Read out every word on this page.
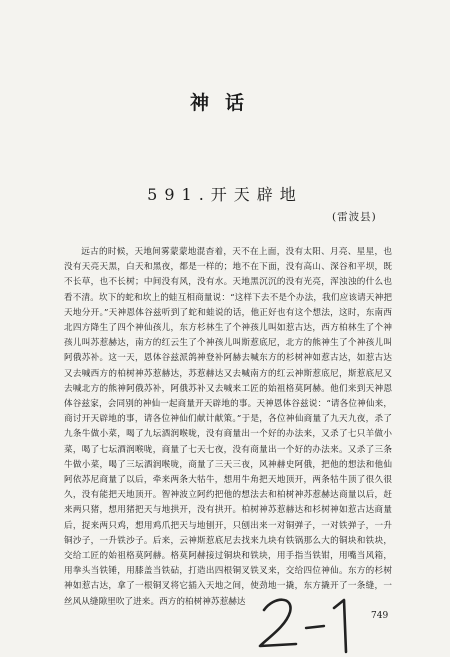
神话
591.开天辟地
(雷波县)

远古的时候，天地间雾蒙蒙地混杳着，天不在上面，没有太阳、月亮、星星，也没有天亮天黑，白天和黑夜，都是一样的；地不在下面，没有高山、深谷和平坝，既不长草，也不长树；中间没有风，没有水。天地黑沉沉的没有光亮，浑浊浊的什么也看不清。坎下的蛇和坎上的蛙互相商量说：“这样下去不是个办法，我们应该请天神把天地分开。”天神恩体谷兹听到了蛇和蛙说的话，他正好也有这个想法，这时，东南西北四方降生了四个神仙孩儿，东方杉林生了个神孩儿叫如惹古达，西方柏林生了个神孩儿叫苏惹赫达，南方的红云生了个神孩儿叫斯惹底尼，北方的熊神生了个神孩儿叫阿俄苏补。这一天，恩体谷兹派鸽神登补阿赫去喊东方的杉树神如惹古达，如惹古达又去喊西方的柏树神苏惹赫达，苏惹赫达又去喊南方的红云神斯惹底尼，斯惹底尼又去喊北方的熊神阿俄苏补，阿俄苏补又去喊来工匠的始祖格莫阿赫。他们来到天神恩体谷兹家，会同别的神仙一起商量开天辟地的事。天神恩体谷兹说：“请各位神仙来，商讨开天辟地的事，请各位神仙们献计献策。”于是，各位神仙商量了九天九夜，杀了九条牛做小菜，喝了九坛酒润喉咙，没有商量出一个好的办法来，又杀了七只羊做小菜，喝了七坛酒润喉咙，商量了七天七夜，没有商量出一个好的办法来。又杀了三条牛做小菜，喝了三坛酒润喉咙，商量了三天三夜，风神赫史阿俄，把他的想法和他仙阿依苏尼商量了以后，牵来两条大牯牛，想用牛角把天地顶开，两条牯牛顶了很久很久，没有能把天地顶开。智神波立阿约把他的想法去和柏树神苏惹赫达商量以后，赶来两只猪，想用猪把天与地拱开，没有拱开。柏树神苏惹赫达和杉树神如惹古达商量后，捉来两只鸡，想用鸡爪把天与地刨开，只刨出来一对铜弹子，一对铁弹子，一升铜沙子，一升铁沙子。后来，云神斯惹底尼去找来九块有铁锅那么大的铜块和铁块，交给工匠的始祖格莫阿赫。格莫阿赫接过铜块和铁块，用手指当铁钳，用嘴当风箱，用拳头当铁锤，用膝盖当铁砧，打造出四根铜叉铁叉来，交给四位神仙。东方的杉树神如惹古达，拿了一根铜叉将它插入天地之间，使劲地一撬，东方撬开了一条缝，一丝风从缝隙里吹了进来。西方的柏树神苏惹赫达

749
